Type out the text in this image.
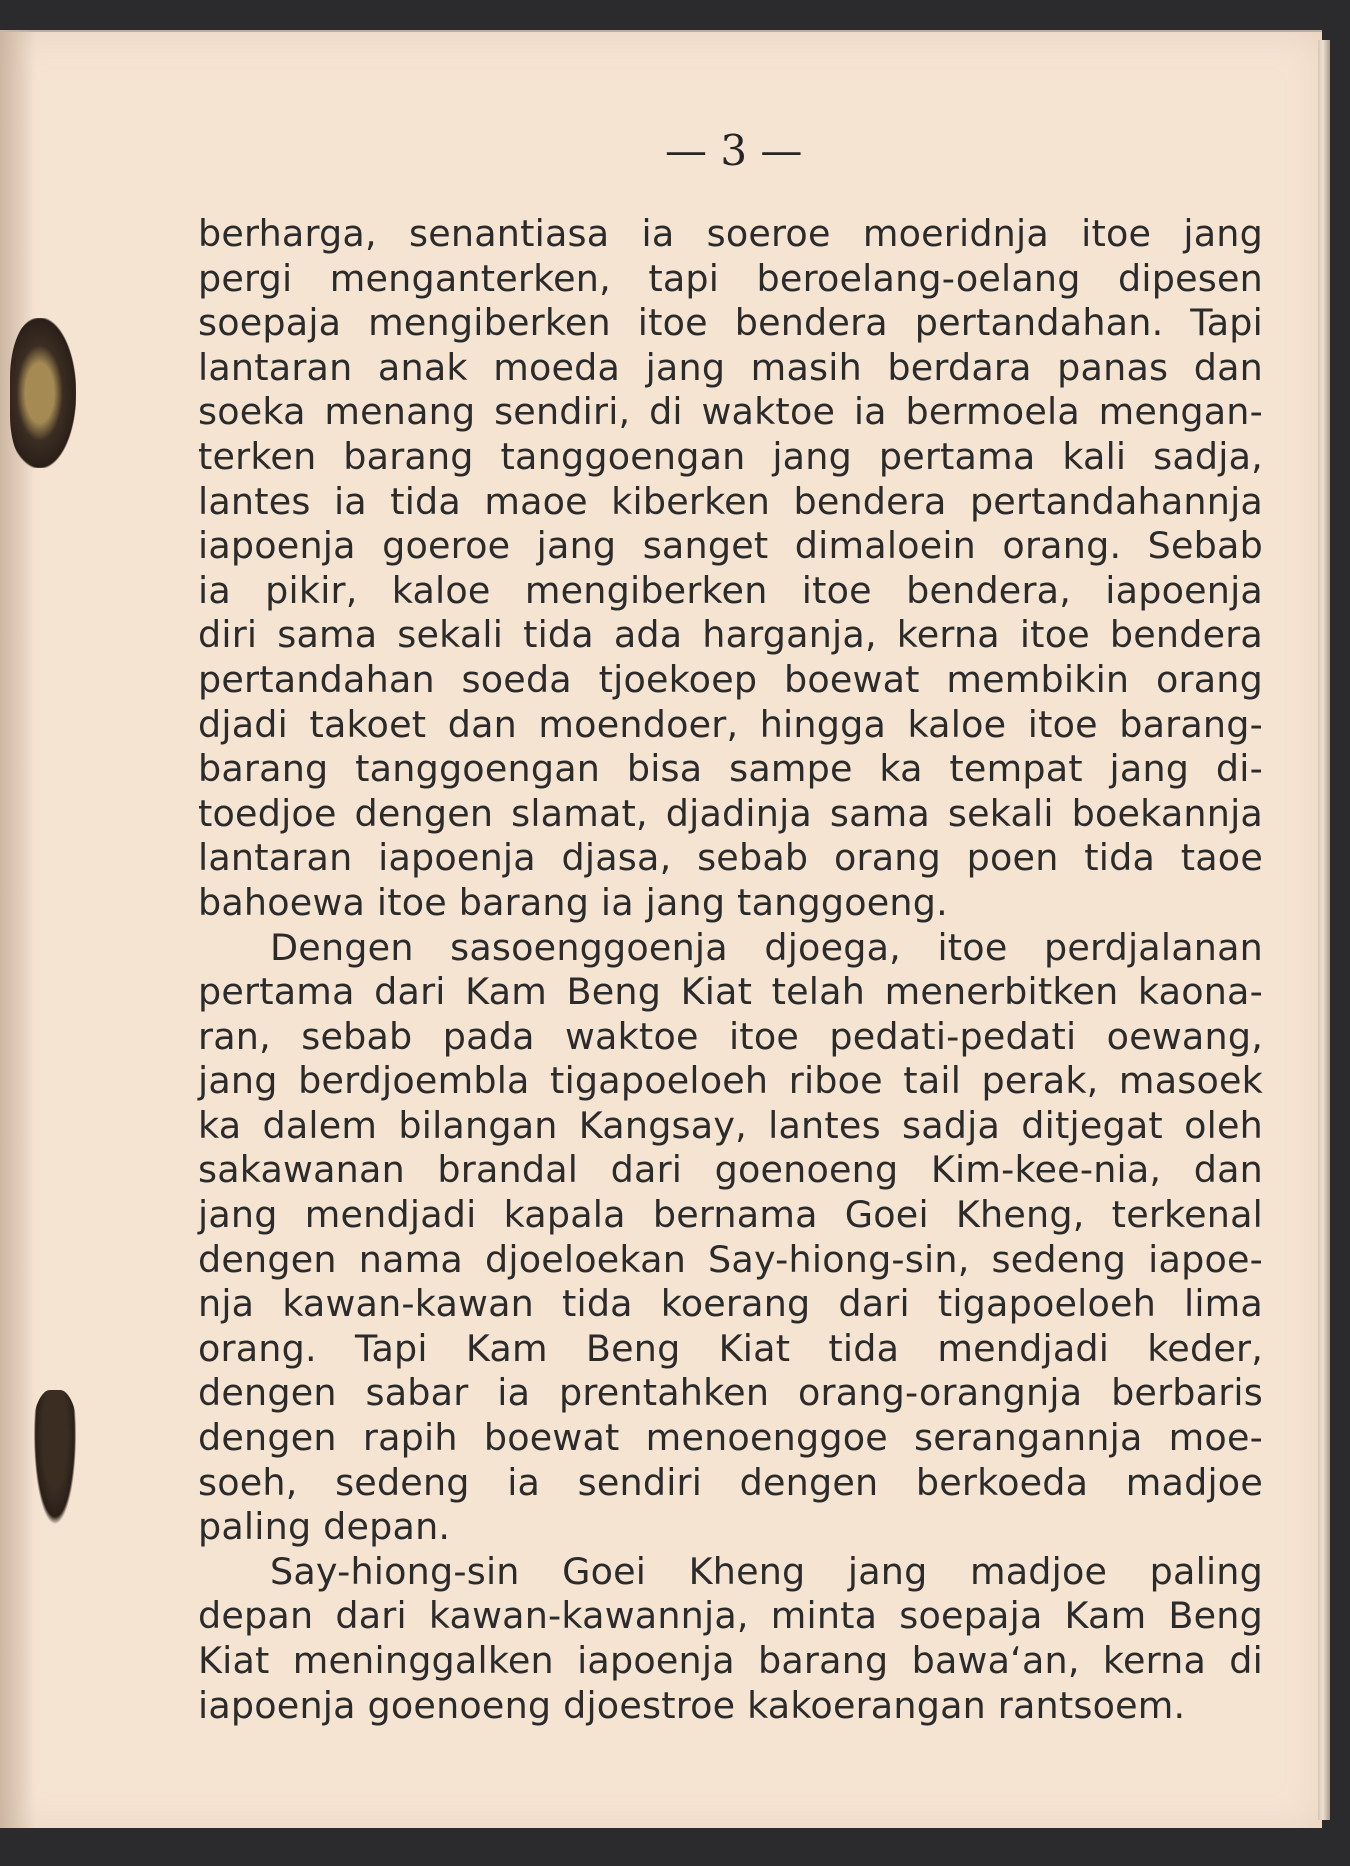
— 3 —
berharga, senantiasa ia soeroe moeridnja itoe jang
pergi menganterken, tapi beroelang-oelang dipesen
soepaja mengiberken itoe bendera pertandahan. Tapi
lantaran anak moeda jang masih berdara panas dan
soeka menang sendiri, di waktoe ia bermoela mengan-
terken barang tanggoengan jang pertama kali sadja,
lantes ia tida maoe kiberken bendera pertandahannja
iapoenja goeroe jang sanget dimaloein orang. Sebab
ia pikir, kaloe mengiberken itoe bendera, iapoenja
diri sama sekali tida ada harganja, kerna itoe bendera
pertandahan soeda tjoekoep boewat membikin orang
djadi takoet dan moendoer, hingga kaloe itoe barang-
barang tanggoengan bisa sampe ka tempat jang di-
toedjoe dengen slamat, djadinja sama sekali boekannja
lantaran iapoenja djasa, sebab orang poen tida taoe
bahoewa itoe barang ia jang tanggoeng.
Dengen sasoenggoenja djoega, itoe perdjalanan
pertama dari Kam Beng Kiat telah menerbitken kaona-
ran, sebab pada waktoe itoe pedati-pedati oewang,
jang berdjoembla tigapoeloeh riboe tail perak, masoek
ka dalem bilangan Kangsay, lantes sadja ditjegat oleh
sakawanan brandal dari goenoeng Kim-kee-nia, dan
jang mendjadi kapala bernama Goei Kheng, terkenal
dengen nama djoeloekan Say-hiong-sin, sedeng iapoe-
nja kawan-kawan tida koerang dari tigapoeloeh lima
orang. Tapi Kam Beng Kiat tida mendjadi keder,
dengen sabar ia prentahken orang-orangnja berbaris
dengen rapih boewat menoenggoe serangannja moe-
soeh, sedeng ia sendiri dengen berkoeda madjoe
paling depan.
Say-hiong-sin Goei Kheng jang madjoe paling
depan dari kawan-kawannja, minta soepaja Kam Beng
Kiat meninggalken iapoenja barang bawa‘an, kerna di
iapoenja goenoeng djoestroe kakoerangan rantsoem.
